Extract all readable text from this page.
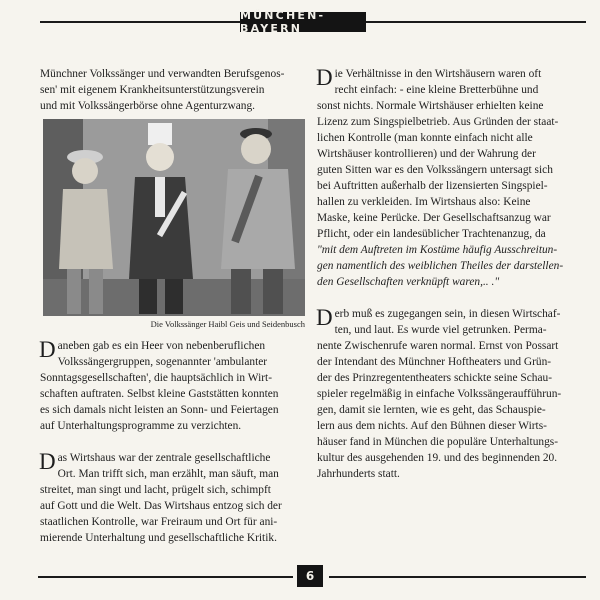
MÜNCHEN-BAYERN

Münchner Volkssänger und verwandten Berufsgenos-
sen' mit eigenem Krankheitsunterstützungsverein
und mit Volkssängerbörse ohne Agenturzwang.

Die Volkssänger Haibl Geis und Seidenbusch

Daneben gab es ein Heer von nebenberuflichen
Volkssängergruppen, sogenannter 'ambulanter
Sonntagsgesellschaften', die hauptsächlich in Wirt-
schaften auftraten. Selbst kleine Gaststätten konnten
es sich damals nicht leisten an Sonn- und Feiertagen
auf Unterhaltungsprogramme zu verzichten.

Das Wirtshaus war der zentrale gesellschaftliche
Ort. Man trifft sich, man erzählt, man säuft, man
streitet, man singt und lacht, prügelt sich, schimpft
auf Gott und die Welt. Das Wirtshaus entzog sich der
staatlichen Kontrolle, war Freiraum und Ort für ani-
mierende Unterhaltung und gesellschaftliche Kritik.

Die Verhältnisse in den Wirtshäusern waren oft
recht einfach: - eine kleine Bretterbühne und
sonst nichts. Normale Wirtshäuser erhielten keine
Lizenz zum Singspielbetrieb. Aus Gründen der staat-
lichen Kontrolle (man konnte einfach nicht alle
Wirtshäuser kontrollieren) und der Wahrung der
guten Sitten war es den Volkssängern untersagt sich
bei Auftritten außerhalb der lizensierten Singspiel-
hallen zu verkleiden. Im Wirtshaus also: Keine
Maske, keine Perücke. Der Gesellschaftsanzug war
Pflicht, oder ein landesüblicher Trachtenanzug, da
"mit dem Auftreten im Kostüme häufig Ausschreitun-
gen namentlich des weiblichen Theiles der darstellen-
den Gesellschaften verknüpft waren,.. ."

Derb muß es zugegangen sein, in diesen Wirtschaf-
ten, und laut. Es wurde viel getrunken. Perma-
nente Zwischenrufe waren normal. Ernst von Possart
der Intendant des Münchner Hoftheaters und Grün-
der des Prinzregententheaters schickte seine Schau-
spieler regelmäßig in einfache Volkssängeraufführun-
gen, damit sie lernten, wie es geht, das Schauspie-
lern aus dem nichts. Auf den Bühnen dieser Wirts-
häuser fand in München die populäre Unterhaltungs-
kultur des ausgehenden 19. und des beginnenden 20.
Jahrhunderts statt.

6
